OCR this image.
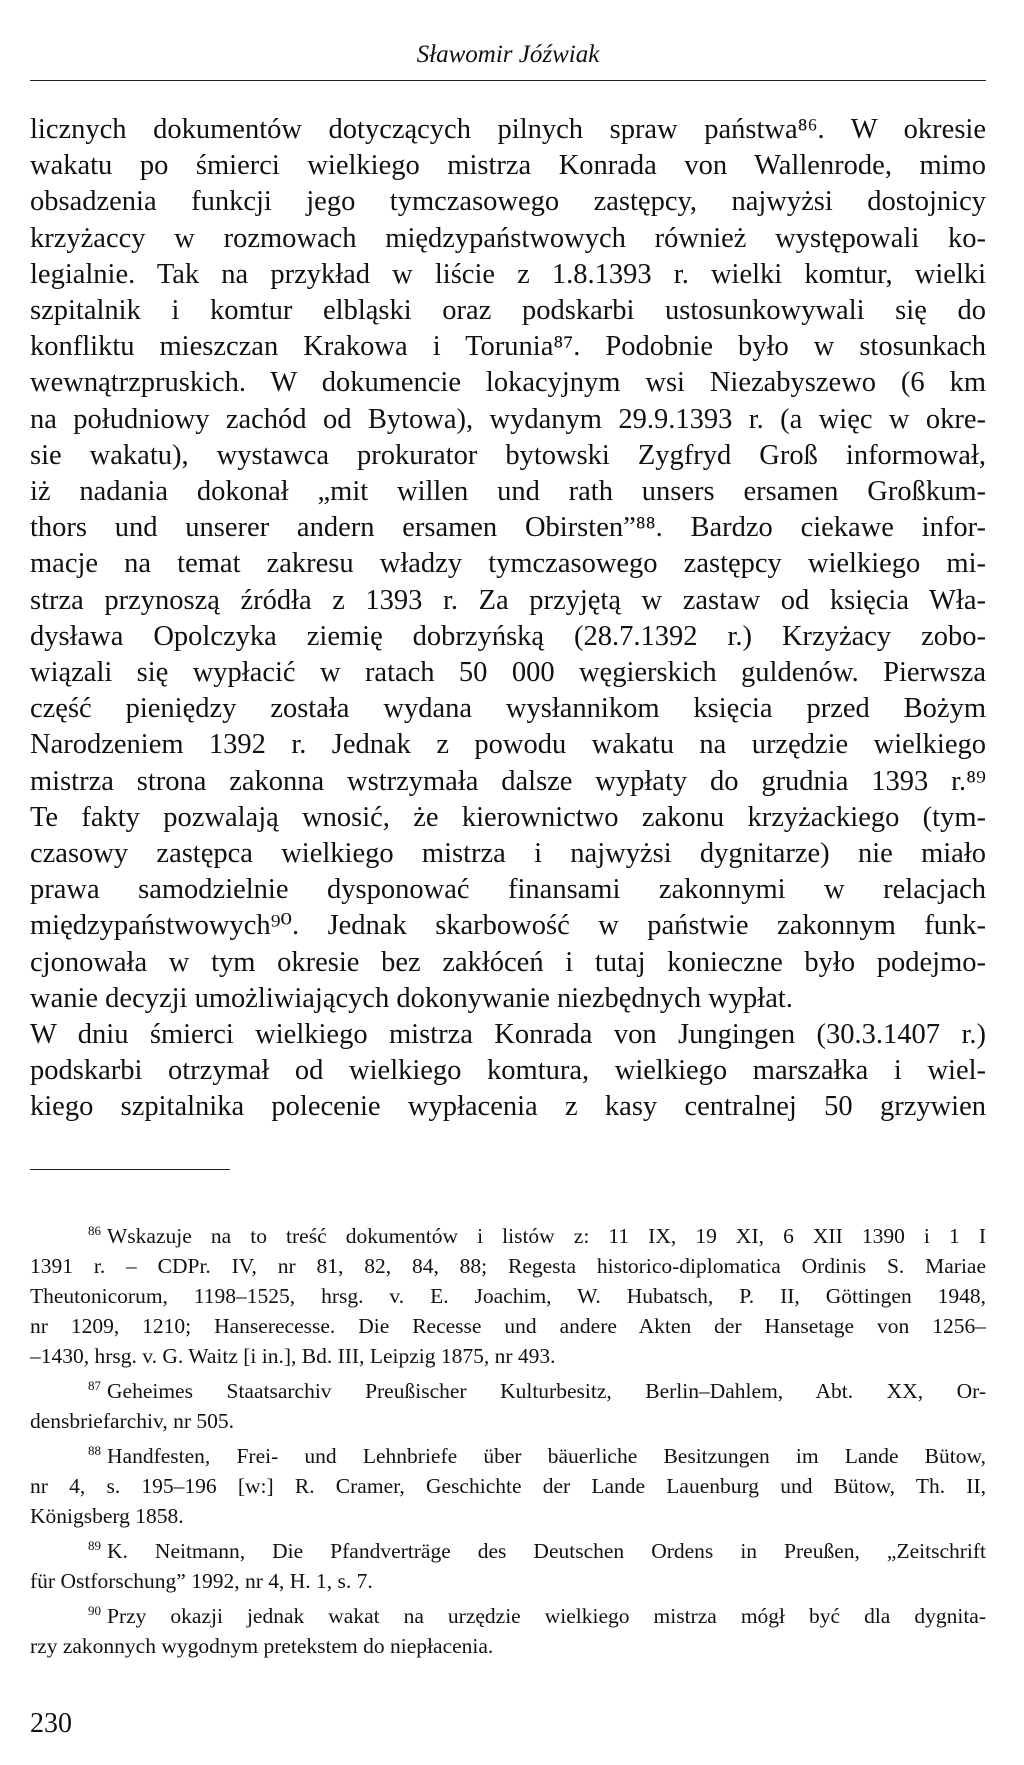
Sławomir Jóźwiak
licznych dokumentów dotyczących pilnych spraw państwa⁸⁶. W okresie
wakatu po śmierci wielkiego mistrza Konrada von Wallenrode, mimo
obsadzenia funkcji jego tymczasowego zastępcy, najwyżsi dostojnicy
krzyżaccy w rozmowach międzypaństwowych również występowali ko-
legialnie. Tak na przykład w liście z 1.8.1393 r. wielki komtur, wielki
szpitalnik i komtur elbląski oraz podskarbi ustosunkowywali się do
konfliktu mieszczan Krakowa i Torunia⁸⁷. Podobnie było w stosunkach
wewnątrzpruskich. W dokumencie lokacyjnym wsi Niezabyszewo (6 km
na południowy zachód od Bytowa), wydanym 29.9.1393 r. (a więc w okre-
sie wakatu), wystawca prokurator bytowski Zygfryd Groß informował,
iż nadania dokonał „mit willen und rath unsers ersamen Großkum-
thors und unserer andern ersamen Obirsten”⁸⁸. Bardzo ciekawe infor-
macje na temat zakresu władzy tymczasowego zastępcy wielkiego mi-
strza przynoszą źródła z 1393 r. Za przyjętą w zastaw od księcia Wła-
dysława Opolczyka ziemię dobrzyńską (28.7.1392 r.) Krzyżacy zobo-
wiązali się wypłacić w ratach 50 000 węgierskich guldenów. Pierwsza
część pieniędzy została wydana wysłannikom księcia przed Bożym
Narodzeniem 1392 r. Jednak z powodu wakatu na urzędzie wielkiego
mistrza strona zakonna wstrzymała dalsze wypłaty do grudnia 1393 r.⁸⁹
Te fakty pozwalają wnosić, że kierownictwo zakonu krzyżackiego (tym-
czasowy zastępca wielkiego mistrza i najwyżsi dygnitarze) nie miało
prawa samodzielnie dysponować finansami zakonnymi w relacjach
międzypaństwowych⁹⁰. Jednak skarbowość w państwie zakonnym funk-
cjonowała w tym okresie bez zakłóceń i tutaj konieczne było podejmo-
wanie decyzji umożliwiających dokonywanie niezbędnych wypłat.
W dniu śmierci wielkiego mistrza Konrada von Jungingen (30.3.1407 r.)
podskarbi otrzymał od wielkiego komtura, wielkiego marszałka i wiel-
kiego szpitalnika polecenie wypłacenia z kasy centralnej 50 grzywien
$^{86}$ Wskazuje na to treść dokumentów i listów z: 11 IX, 19 XI, 6 XII 1390 i 1 I
1391 r. – CDPr. IV, nr 81, 82, 84, 88; Regesta historico-diplomatica Ordinis S. Mariae
Theutonicorum, 1198–1525, hrsg. v. E. Joachim, W. Hubatsch, P. II, Göttingen 1948,
nr 1209, 1210; Hanserecesse. Die Recesse und andere Akten der Hansetage von 1256–
–1430, hrsg. v. G. Waitz [i in.], Bd. III, Leipzig 1875, nr 493.
$^{87}$ Geheimes Staatsarchiv Preußischer Kulturbesitz, Berlin–Dahlem, Abt. XX, Or-
densbriefarchiv, nr 505.
$^{88}$ Handfesten, Frei- und Lehnbriefe über bäuerliche Besitzungen im Lande Bütow,
nr 4, s. 195–196 [w:] R. Cramer, Geschichte der Lande Lauenburg und Bütow, Th. II,
Königsberg 1858.
$^{89}$ K. Neitmann, Die Pfandverträge des Deutschen Ordens in Preußen, „Zeitschrift
für Ostforschung” 1992, nr 4, H. 1, s. 7.
$^{90}$ Przy okazji jednak wakat na urzędzie wielkiego mistrza mógł być dla dygnita-
rzy zakonnych wygodnym pretekstem do niepłacenia.
230
